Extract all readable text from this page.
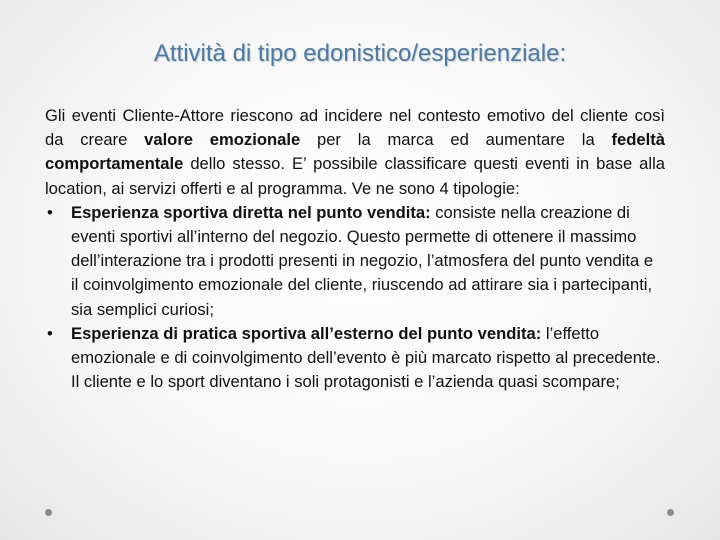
Attività di tipo edonistico/esperienziale:

Gli eventi Cliente-Attore riescono ad incidere nel contesto emotivo del cliente così da creare valore emozionale per la marca ed aumentare la fedeltà comportamentale dello stesso. E’ possibile classificare questi eventi in base alla location, ai servizi offerti e al programma. Ve ne sono 4 tipologie:

• Esperienza sportiva diretta nel punto vendita: consiste nella creazione di eventi sportivi all’interno del negozio. Questo permette di ottenere il massimo dell’interazione tra i prodotti presenti in negozio, l’atmosfera del punto vendita e il coinvolgimento emozionale del cliente, riuscendo ad attirare sia i partecipanti, sia semplici curiosi;
• Esperienza di pratica sportiva all’esterno del punto vendita: l’effetto emozionale e di coinvolgimento dell’evento è più marcato rispetto al precedente. Il cliente e lo sport diventano i soli protagonisti e l’azienda quasi scompare;
